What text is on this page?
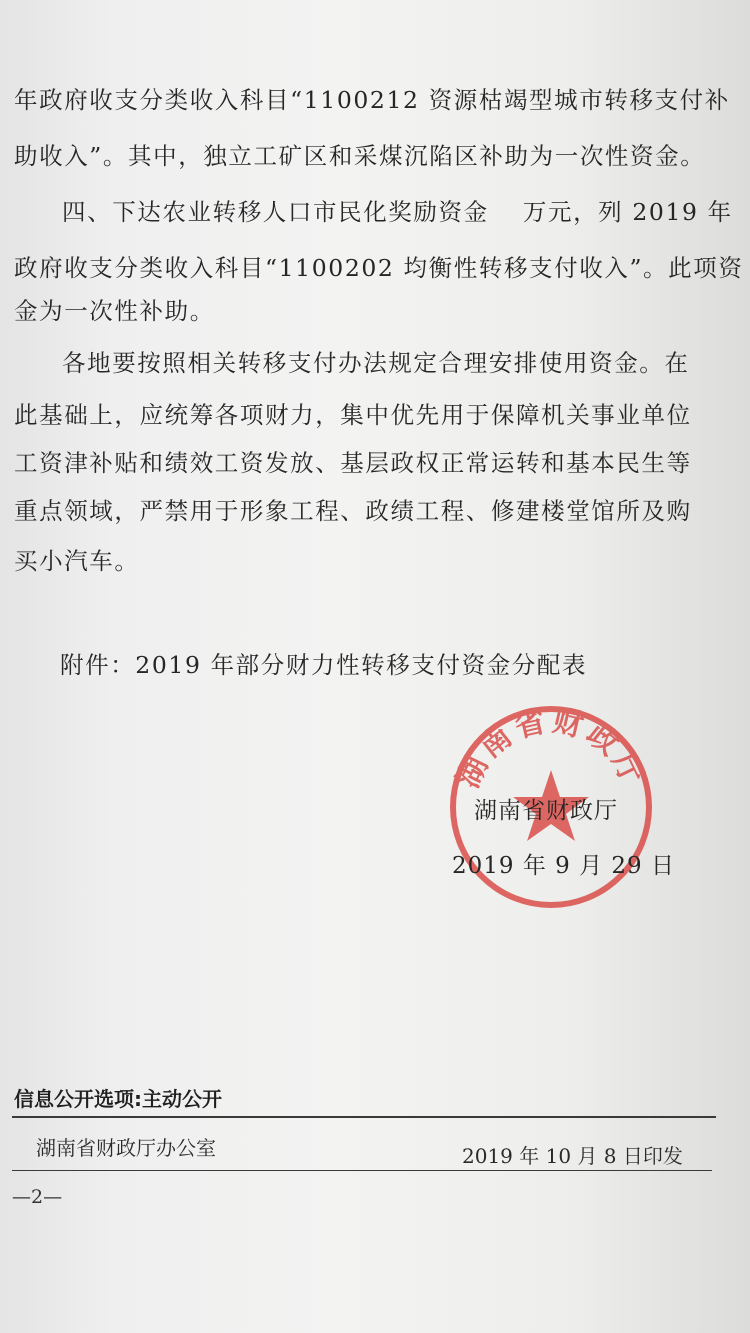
年政府收支分类收入科目“1100212 资源枯竭型城市转移支付补
助收入”。其中，独立工矿区和采煤沉陷区补助为一次性资金。
四、下达农业转移人口市民化奖励资金　 万元，列 2019 年
政府收支分类收入科目“1100202 均衡性转移支付收入”。此项资
金为一次性补助。
各地要按照相关转移支付办法规定合理安排使用资金。在
此基础上，应统筹各项财力，集中优先用于保障机关事业单位
工资津补贴和绩效工资发放、基层政权正常运转和基本民生等
重点领域，严禁用于形象工程、政绩工程、修建楼堂馆所及购
买小汽车。
附件：2019 年部分财力性转移支付资金分配表
湖南省财政厅
湖南省财政厅
2019 年 9 月 29 日
信息公开选项:主动公开
湖南省财政厅办公室	2019 年 10 月 8 日印发
—2—
